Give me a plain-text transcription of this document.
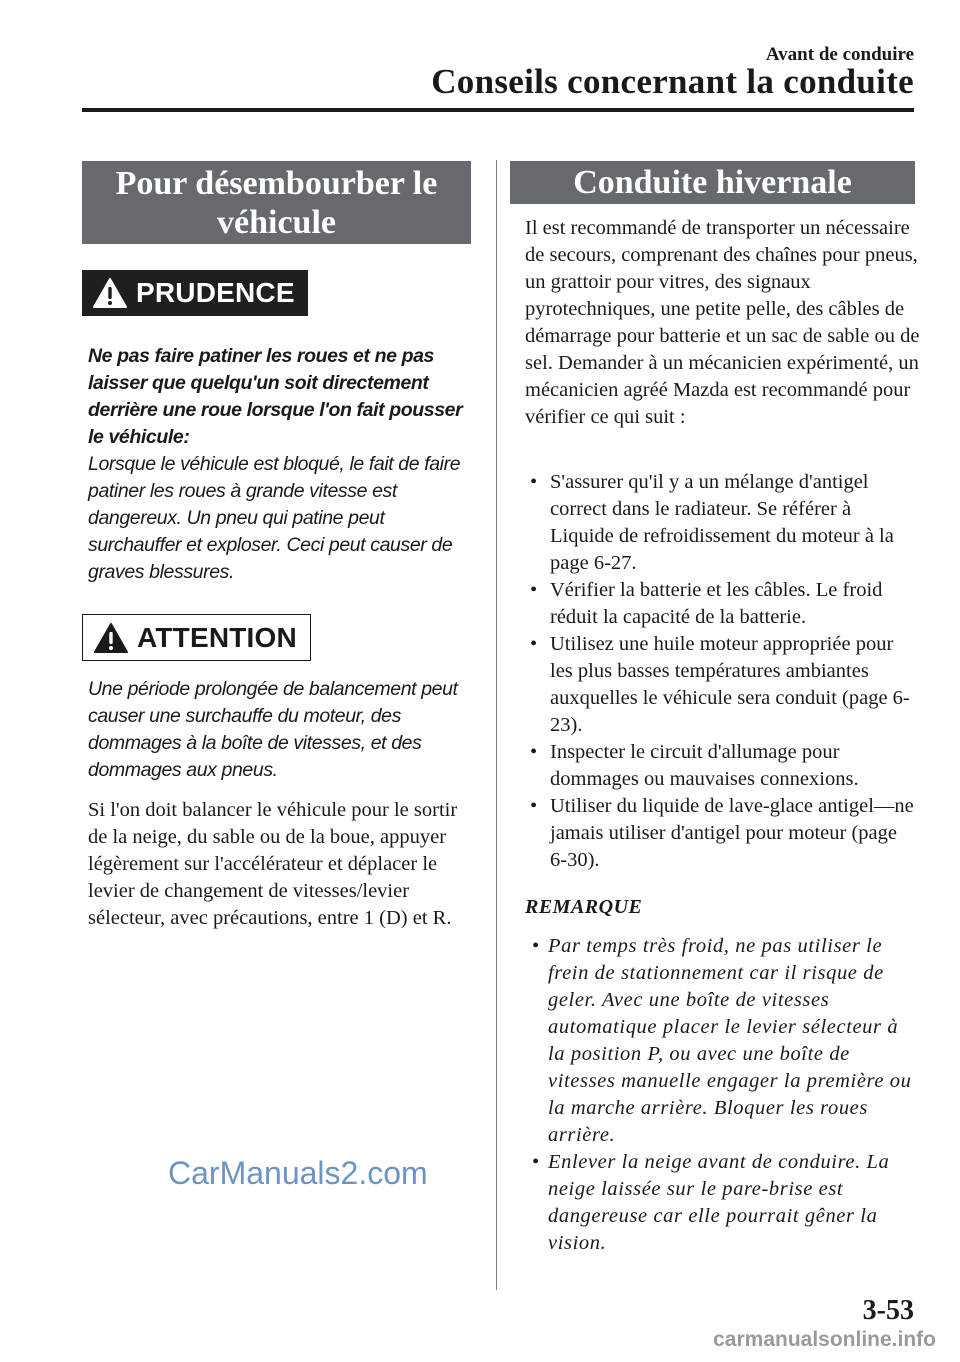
Avant de conduire
Conseils concernant la conduite
Pour désembourber le véhicule
PRUDENCE
Ne pas faire patiner les roues et ne pas laisser que quelqu'un soit directement derrière une roue lorsque l'on fait pousser le véhicule:
Lorsque le véhicule est bloqué, le fait de faire patiner les roues à grande vitesse est dangereux. Un pneu qui patine peut surchauffer et exploser. Ceci peut causer de graves blessures.
ATTENTION
Une période prolongée de balancement peut causer une surchauffe du moteur, des dommages à la boîte de vitesses, et des dommages aux pneus.
Si l'on doit balancer le véhicule pour le sortir de la neige, du sable ou de la boue, appuyer légèrement sur l'accélérateur et déplacer le levier de changement de vitesses/levier sélecteur, avec précautions, entre 1 (D) et R.
Conduite hivernale
Il est recommandé de transporter un nécessaire de secours, comprenant des chaînes pour pneus, un grattoir pour vitres, des signaux pyrotechniques, une petite pelle, des câbles de démarrage pour batterie et un sac de sable ou de sel. Demander à un mécanicien expérimenté, un mécanicien agréé Mazda est recommandé pour vérifier ce qui suit :
• S'assurer qu'il y a un mélange d'antigel correct dans le radiateur. Se référer à Liquide de refroidissement du moteur à la page 6-27.
• Vérifier la batterie et les câbles. Le froid réduit la capacité de la batterie.
• Utilisez une huile moteur appropriée pour les plus basses températures ambiantes auxquelles le véhicule sera conduit (page 6-23).
• Inspecter le circuit d'allumage pour dommages ou mauvaises connexions.
• Utiliser du liquide de lave-glace antigel—ne jamais utiliser d'antigel pour moteur (page 6-30).
REMARQUE
• Par temps très froid, ne pas utiliser le frein de stationnement car il risque de geler. Avec une boîte de vitesses automatique placer le levier sélecteur à la position P, ou avec une boîte de vitesses manuelle engager la première ou la marche arrière. Bloquer les roues arrière.
• Enlever la neige avant de conduire. La neige laissée sur le pare-brise est dangereuse car elle pourrait gêner la vision.
CarManuals2.com
3-53
carmanualsonline.info
